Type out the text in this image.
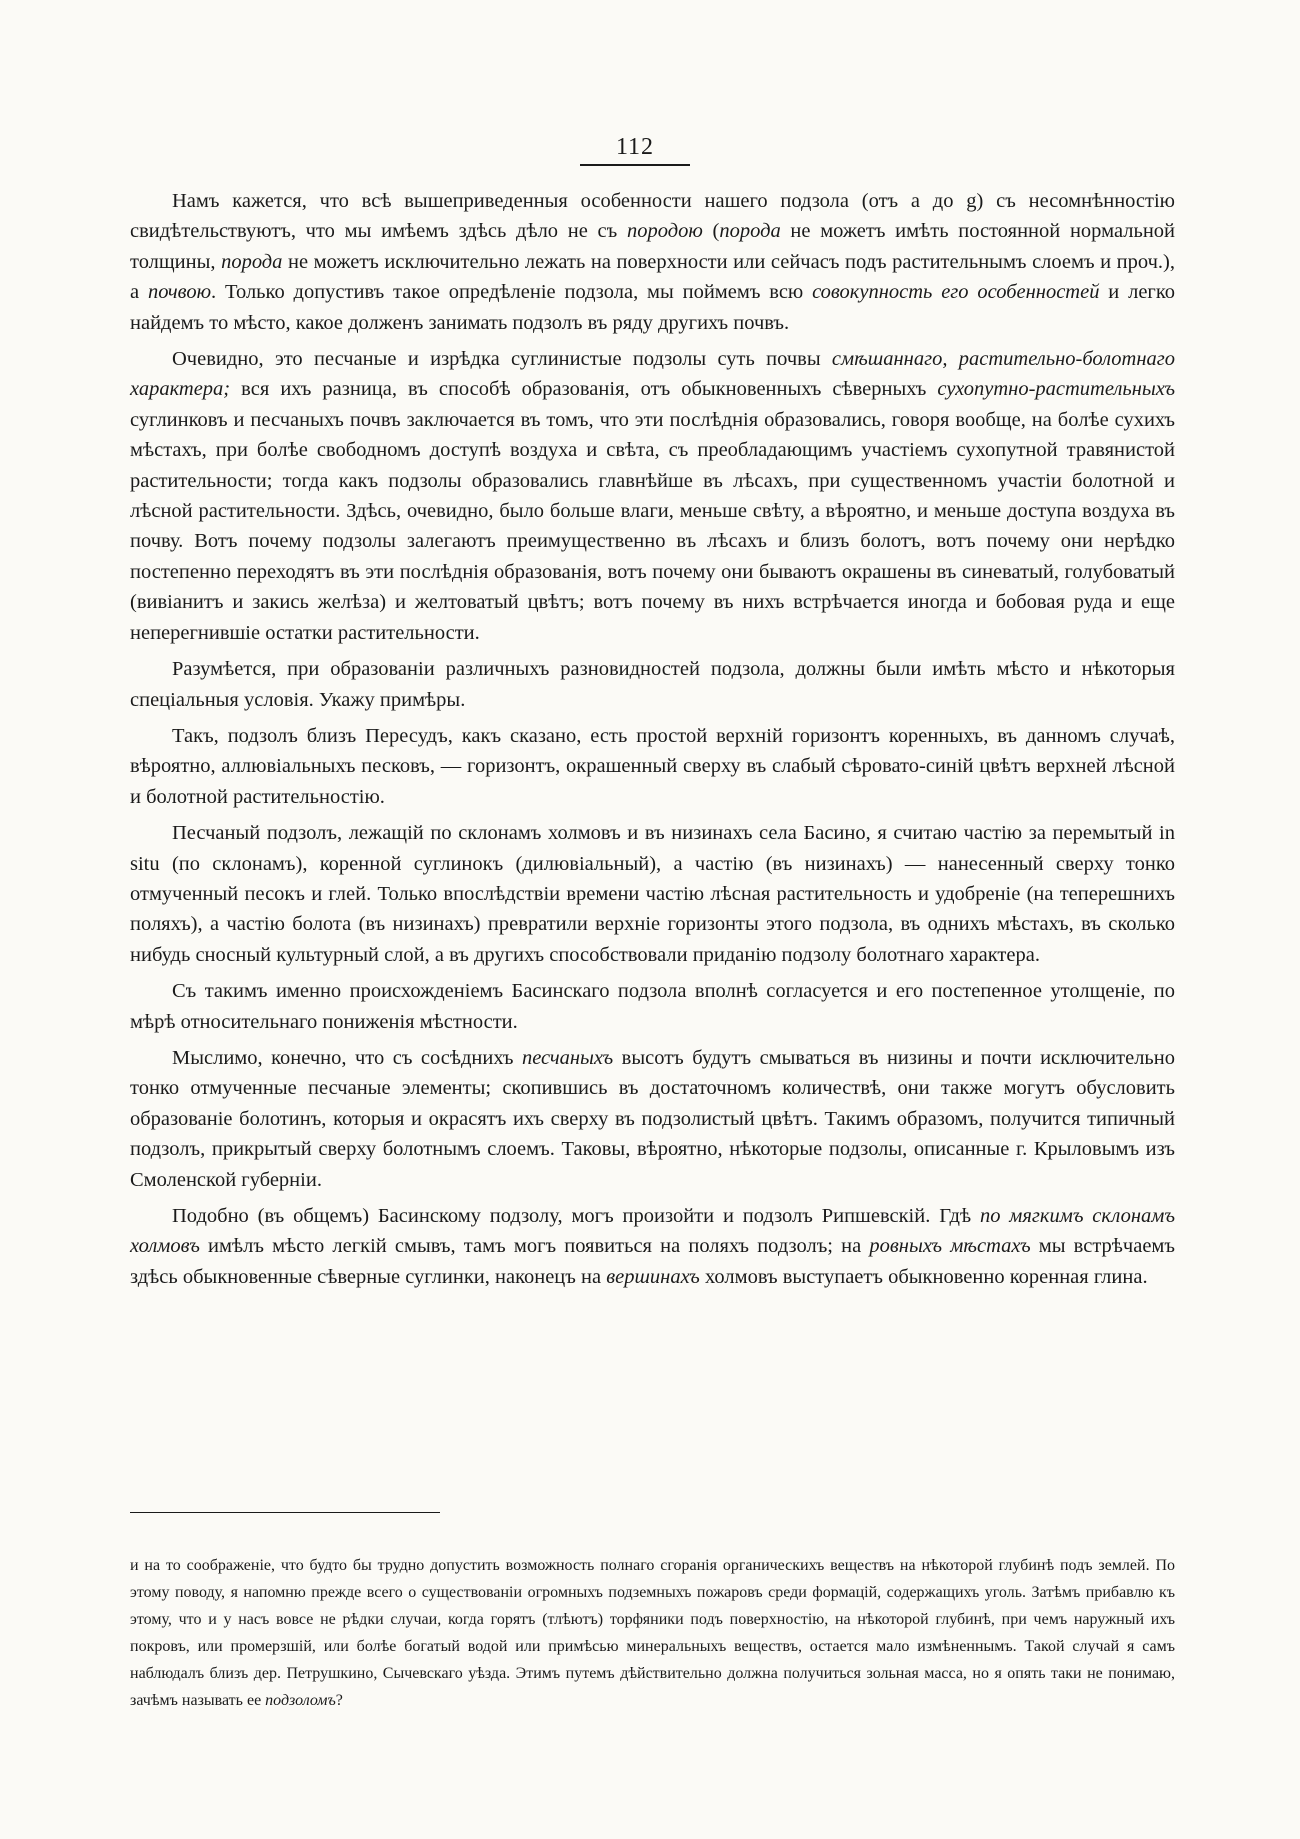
112

Намъ кажется, что всѣ вышеприведенныя особенности нашего подзола (отъ a до g) съ несомнѣнностію свидѣтельствуютъ, что мы имѣемъ здѣсь дѣло не съ породою (порода не можетъ имѣть постоянной нормальной толщины, порода не можетъ исключительно лежать на поверхности или сейчасъ подъ растительнымъ слоемъ и проч.), а почвою. Только допустивъ такое опредѣленіе подзола, мы поймемъ всю совокупность его особенностей и легко найдемъ то мѣсто, какое долженъ занимать подзолъ въ ряду другихъ почвъ.

Очевидно, это песчаные и изрѣдка суглинистые подзолы суть почвы смѣшаннаго, растительно-болотнаго характера; вся ихъ разница, въ способѣ образованія, отъ обыкновенныхъ сѣверныхъ сухопутно-растительныхъ суглинковъ и песчаныхъ почвъ заключается въ томъ, что эти послѣднія образовались, говоря вообще, на болѣе сухихъ мѣстахъ, при болѣе свободномъ доступѣ воздуха и свѣта, съ преобладающимъ участіемъ сухопутной травянистой растительности; тогда какъ подзолы образовались главнѣйше въ лѣсахъ, при существенномъ участіи болотной и лѣсной растительности. Здѣсь, очевидно, было больше влаги, меньше свѣту, а вѣроятно, и меньше доступа воздуха въ почву. Вотъ почему подзолы залегаютъ преимущественно въ лѣсахъ и близъ болотъ, вотъ почему они нерѣдко постепенно переходятъ въ эти послѣднія образованія, вотъ почему они бываютъ окрашены въ синеватый, голубоватый (вивіанитъ и закись желѣза) и желтоватый цвѣтъ; вотъ почему въ нихъ встрѣчается иногда и бобовая руда и еще неперегнившіе остатки растительности.

Разумѣется, при образованіи различныхъ разновидностей подзола, должны были имѣть мѣсто и нѣкоторыя спеціальныя условія. Укажу примѣры.

Такъ, подзолъ близъ Пересудъ, какъ сказано, есть простой верхній горизонтъ коренныхъ, въ данномъ случаѣ, вѣроятно, аллювіальныхъ песковъ, — горизонтъ, окрашенный сверху въ слабый сѣровато-синій цвѣтъ верхней лѣсной и болотной растительностію.

Песчаный подзолъ, лежащій по склонамъ холмовъ и въ низинахъ села Басино, я считаю частію за перемытый in situ (по склонамъ), коренной суглинокъ (дилювіальный), а частію (въ низинахъ) — нанесенный сверху тонко отмученный песокъ и глей. Только впослѣдствіи времени частію лѣсная растительность и удобреніе (на теперешнихъ поляхъ), а частію болота (въ низинахъ) превратили верхніе горизонты этого подзола, въ однихъ мѣстахъ, въ сколько нибудь сносный культурный слой, а въ другихъ способствовали приданію подзолу болотнаго характера.

Съ такимъ именно происхожденіемъ Басинскаго подзола вполнѣ согласуется и его постепенное утолщеніе, по мѣрѣ относительнаго пониженія мѣстности.

Мыслимо, конечно, что съ сосѣднихъ песчаныхъ высотъ будутъ смываться въ низины и почти исключительно тонко отмученные песчаные элементы; скопившись въ достаточномъ количествѣ, они также могутъ обусловить образованіе болотинъ, которыя и окрасятъ ихъ сверху въ подзолистый цвѣтъ. Такимъ образомъ, получится типичный подзолъ, прикрытый сверху болотнымъ слоемъ. Таковы, вѣроятно, нѣкоторые подзолы, описанные г. Крыловымъ изъ Смоленской губерніи.

Подобно (въ общемъ) Басинскому подзолу, могъ произойти и подзолъ Рипшевскій. Гдѣ по мягкимъ склонамъ холмовъ имѣлъ мѣсто легкій смывъ, тамъ могъ появиться на поляхъ подзолъ; на ровныхъ мѣстахъ мы встрѣчаемъ здѣсь обыкновенные сѣверные суглинки, наконецъ на вершинахъ холмовъ выступаетъ обыкновенно коренная глина.

и на то соображеніе, что будто бы трудно допустить возможность полнаго сгоранія органическихъ веществъ на нѣкоторой глубинѣ подъ землей. По этому поводу, я напомню прежде всего о существованіи огромныхъ подземныхъ пожаровъ среди формацій, содержащихъ уголь. Затѣмъ прибавлю къ этому, что и у насъ вовсе не рѣдки случаи, когда горятъ (тлѣютъ) торфяники подъ поверхностію, на нѣкоторой глубинѣ, при чемъ наружный ихъ покровъ, или промерзшій, или болѣе богатый водой или примѣсью минеральныхъ веществъ, остается мало измѣненнымъ. Такой случай я самъ наблюдалъ близъ дер. Петрушкино, Сычевскаго уѣзда. Этимъ путемъ дѣйствительно должна получиться зольная масса, но я опять таки не понимаю, зачѣмъ называть ее подзоломъ?
